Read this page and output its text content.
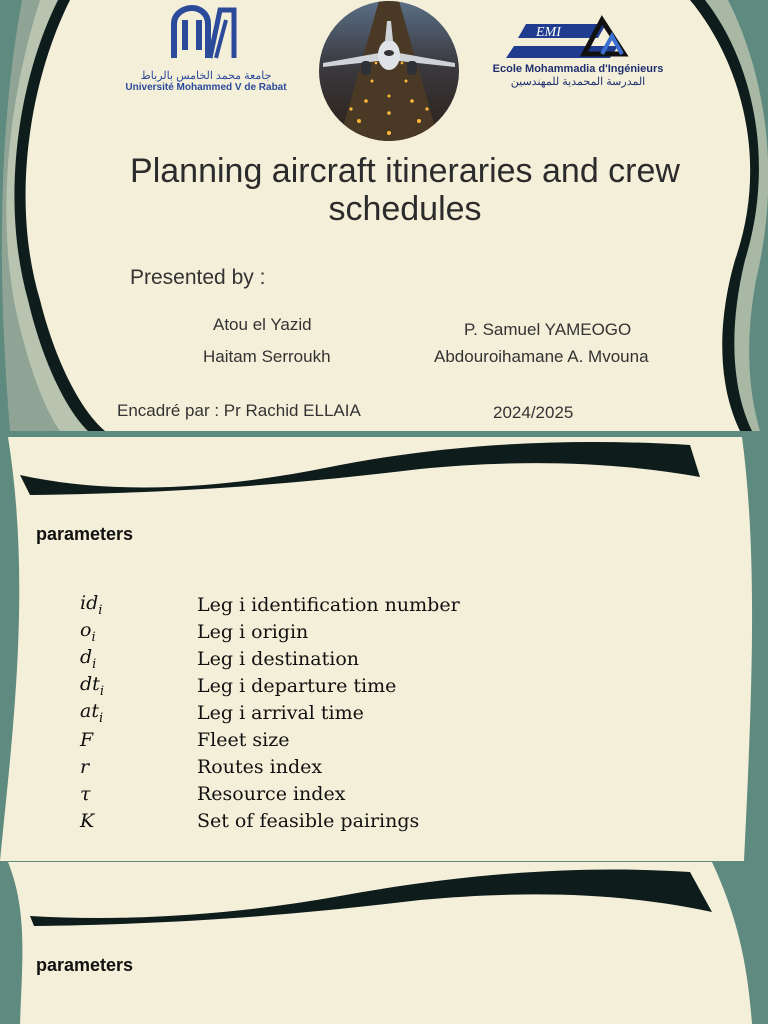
جامعة محمد الخامس بالرباط
Université Mohammed V de Rabat
EMI
Ecole Mohammadia d'Ingénieurs
المدرسة المحمدية للمهندسين
Planning aircraft itineraries and crew schedules
Presented by :
Atou el Yazid
Haitam Serroukh
P. Samuel YAMEOGO
Abdouroihamane A. Mvouna
Encadré par : Pr Rachid ELLAIA	2024/2025
parameters
$id_i$	Leg i identification number
$o_i$	Leg i origin
$d_i$	Leg i destination
$dt_i$	Leg i departure time
$at_i$	Leg i arrival time
F	Fleet size
r	Routes index
τ	Resource index
K	Set of feasible pairings
parameters
